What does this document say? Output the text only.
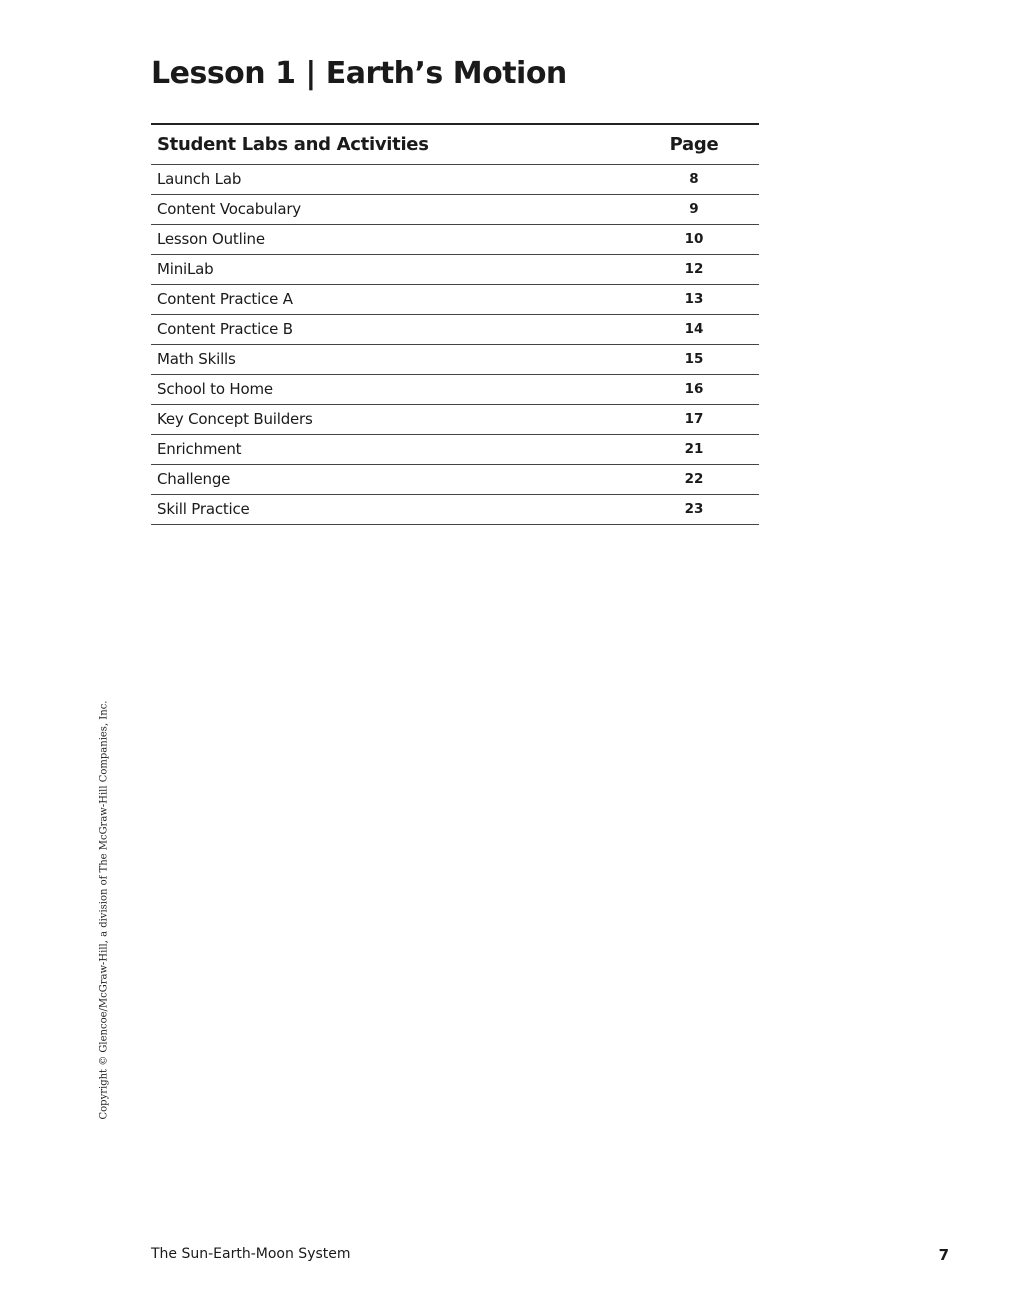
Lesson 1 | Earth’s Motion
Student Labs and Activities	Page
Launch Lab	8
Content Vocabulary	9
Lesson Outline	10
MiniLab	12
Content Practice A	13
Content Practice B	14
Math Skills	15
School to Home	16
Key Concept Builders	17
Enrichment	21
Challenge	22
Skill Practice	23
Copyright © Glencoe/McGraw-Hill, a division of The McGraw-Hill Companies, Inc.
The Sun-Earth-Moon System	7
